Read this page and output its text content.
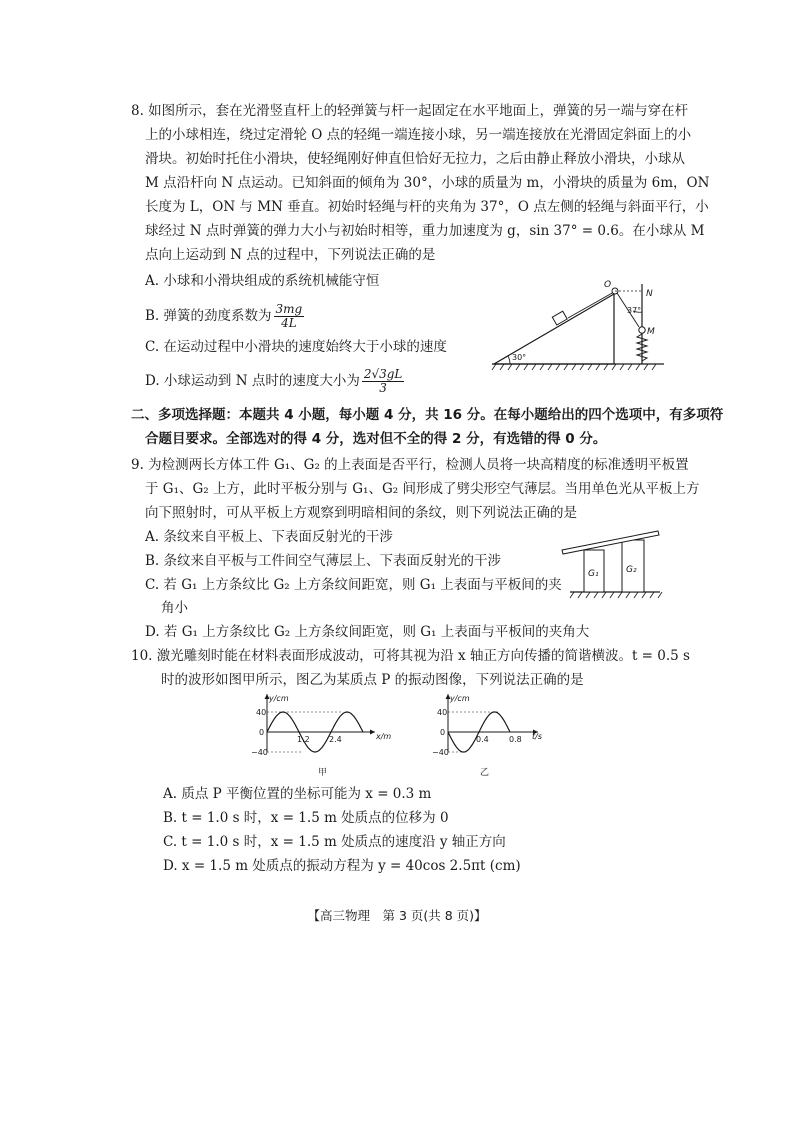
8. 如图所示，套在光滑竖直杆上的轻弹簧与杆一起固定在水平地面上，弹簧的另一端与穿在杆
上的小球相连，绕过定滑轮 O 点的轻绳一端连接小球，另一端连接放在光滑固定斜面上的小
滑块。初始时托住小滑块，使轻绳刚好伸直但恰好无拉力，之后由静止释放小滑块，小球从
M 点沿杆向 N 点运动。已知斜面的倾角为 30°，小球的质量为 m，小滑块的质量为 6m，ON
长度为 L，ON 与 MN 垂直。初始时轻绳与杆的夹角为 37°，O 点左侧的轻绳与斜面平行，小
球经过 N 点时弹簧的弹力大小与初始时相等，重力加速度为 g，sin 37° = 0.6。在小球从 M
点向上运动到 N 点的过程中，下列说法正确的是
A. 小球和小滑块组成的系统机械能守恒
B. 弹簧的劲度系数为 $\frac{3mg}{4L}$
C. 在运动过程中小滑块的速度始终大于小球的速度
D. 小球运动到 N 点时的速度大小为 $\frac{2√3gL}{3}$
30°
O
N
37°
M
二、多项选择题：本题共 4 小题，每小题 4 分，共 16 分。在每小题给出的四个选项中，有多项符
合题目要求。全部选对的得 4 分，选对但不全的得 2 分，有选错的得 0 分。
9. 为检测两长方体工件 G₁、G₂ 的上表面是否平行，检测人员将一块高精度的标准透明平板置
于 G₁、G₂ 上方，此时平板分别与 G₁、G₂ 间形成了劈尖形空气薄层。当用单色光从平板上方
向下照射时，可从平板上方观察到明暗相间的条纹，则下列说法正确的是
A. 条纹来自平板上、下表面反射光的干涉
B. 条纹来自平板与工件间空气薄层上、下表面反射光的干涉
C. 若 G₁ 上方条纹比 G₂ 上方条纹间距宽，则 G₁ 上表面与平板间的夹
角小
D. 若 G₁ 上方条纹比 G₂ 上方条纹间距宽，则 G₁ 上表面与平板间的夹角大
G₁	G₂
10. 激光雕刻时能在材料表面形成波动，可将其视为沿 x 轴正方向传播的简谐横波。t = 0.5 s
时的波形如图甲所示，图乙为某质点 P 的振动图像，下列说法正确的是
y/cm
x/m
40
0
−40
1.2 2.4
甲
y/cm
t/s
40
0
−40
0.4	0.8
乙
A. 质点 P 平衡位置的坐标可能为 x = 0.3 m
B. t = 1.0 s 时，x = 1.5 m 处质点的位移为 0
C. t = 1.0 s 时，x = 1.5 m 处质点的速度沿 y 轴正方向
D. x = 1.5 m 处质点的振动方程为 y = 40cos 2.5πt (cm)
【高三物理　第 3 页(共 8 页)】
